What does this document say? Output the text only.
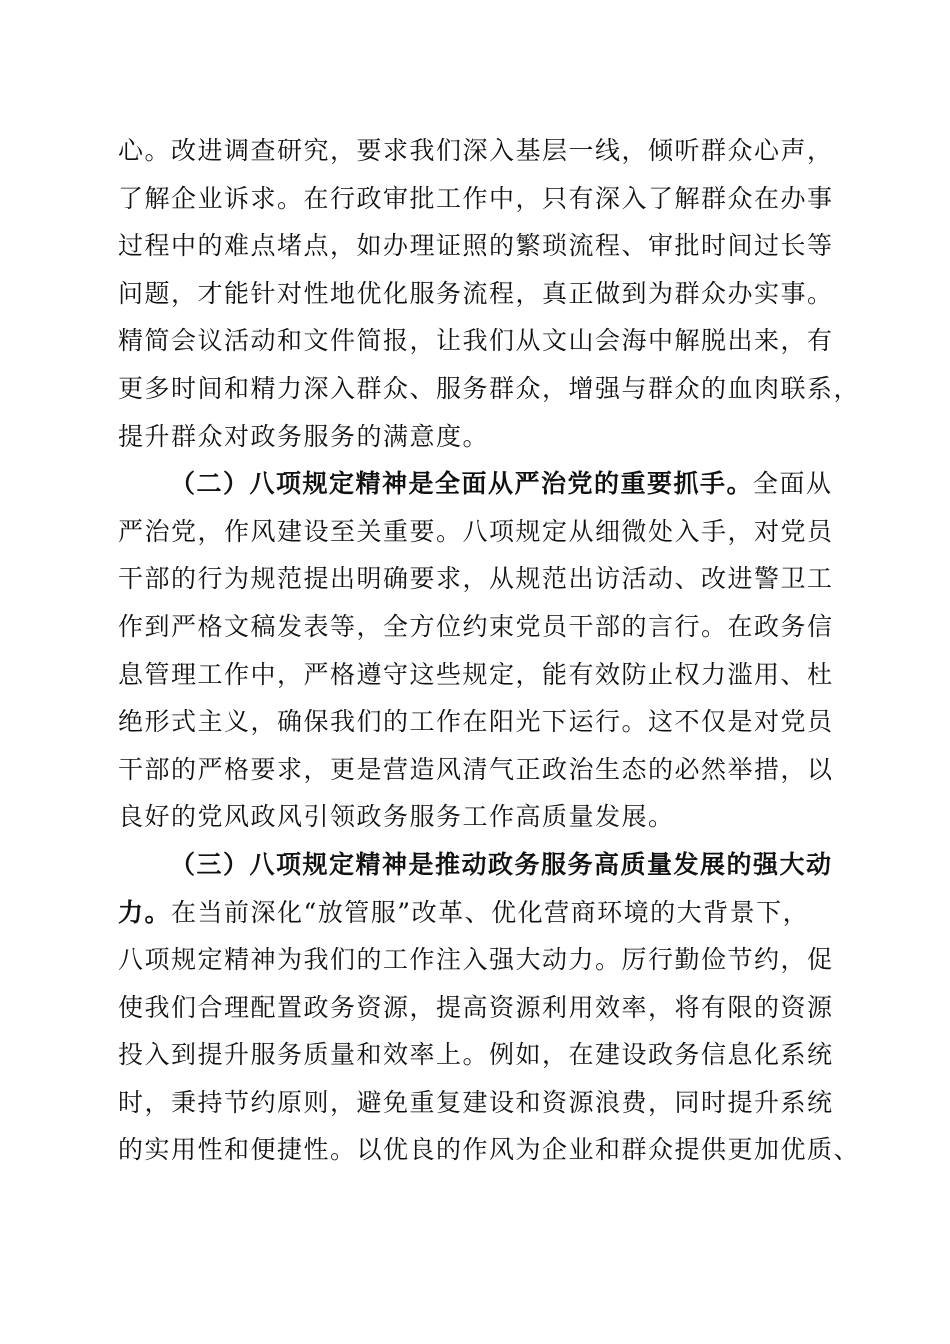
心。改进调查研究，要求我们深入基层一线，倾听群众心声，
了解企业诉求。在行政审批工作中，只有深入了解群众在办事
过程中的难点堵点，如办理证照的繁琐流程、审批时间过长等
问题，才能针对性地优化服务流程，真正做到为群众办实事。
精简会议活动和文件简报，让我们从文山会海中解脱出来，有
更多时间和精力深入群众、服务群众，增强与群众的血肉联系，
提升群众对政务服务的满意度。
（二）八项规定精神是全面从严治党的重要抓手。全面从
严治党，作风建设至关重要。八项规定从细微处入手，对党员
干部的行为规范提出明确要求，从规范出访活动、改进警卫工
作到严格文稿发表等，全方位约束党员干部的言行。在政务信
息管理工作中，严格遵守这些规定，能有效防止权力滥用、杜
绝形式主义，确保我们的工作在阳光下运行。这不仅是对党员
干部的严格要求，更是营造风清气正政治生态的必然举措，以
良好的党风政风引领政务服务工作高质量发展。
（三）八项规定精神是推动政务服务高质量发展的强大动
力。在当前深化“放管服”改革、优化营商环境的大背景下，
八项规定精神为我们的工作注入强大动力。厉行勤俭节约，促
使我们合理配置政务资源，提高资源利用效率，将有限的资源
投入到提升服务质量和效率上。例如，在建设政务信息化系统
时，秉持节约原则，避免重复建设和资源浪费，同时提升系统
的实用性和便捷性。以优良的作风为企业和群众提供更加优质、
